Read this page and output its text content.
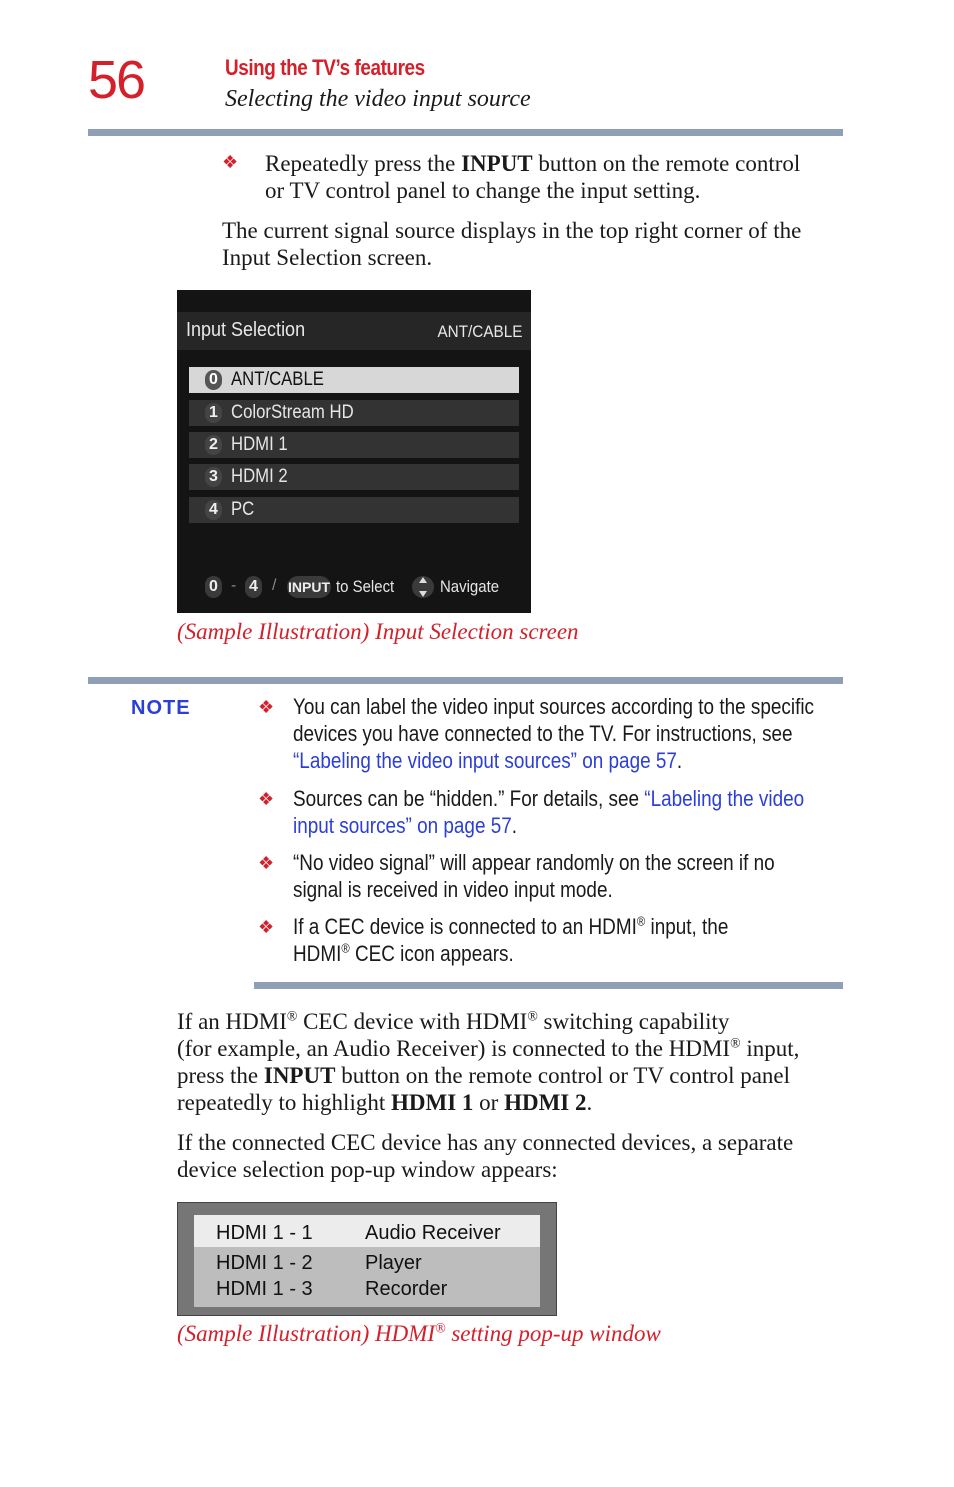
56	Using the TV’s features
Selecting the video input source
❖ Repeatedly press the INPUT button on the remote control
or TV control panel to change the input setting.
The current signal source displays in the top right corner of the
Input Selection screen.
Input Selection	ANT/CABLE
0 ANT/CABLE
1 ColorStream HD
2 HDMI 1
3 HDMI 2
4 PC
0 - 4 / INPUT to Select	Navigate
(Sample Illustration) Input Selection screen
NOTE	❖ You can label the video input sources according to the specific
devices you have connected to the TV. For instructions, see
“Labeling the video input sources” on page 57.
❖ Sources can be “hidden.” For details, see “Labeling the video
input sources” on page 57.
❖ “No video signal” will appear randomly on the screen if no
signal is received in video input mode.
❖ If a CEC device is connected to an HDMI® input, the
HDMI® CEC icon appears.
If an HDMI® CEC device with HDMI® switching capability
(for example, an Audio Receiver) is connected to the HDMI® input,
press the INPUT button on the remote control or TV control panel
repeatedly to highlight HDMI 1 or HDMI 2.
If the connected CEC device has any connected devices, a separate
device selection pop-up window appears:
HDMI 1 - 1	Audio Receiver
HDMI 1 - 2	Player
HDMI 1 - 3	Recorder
(Sample Illustration) HDMI® setting pop-up window
